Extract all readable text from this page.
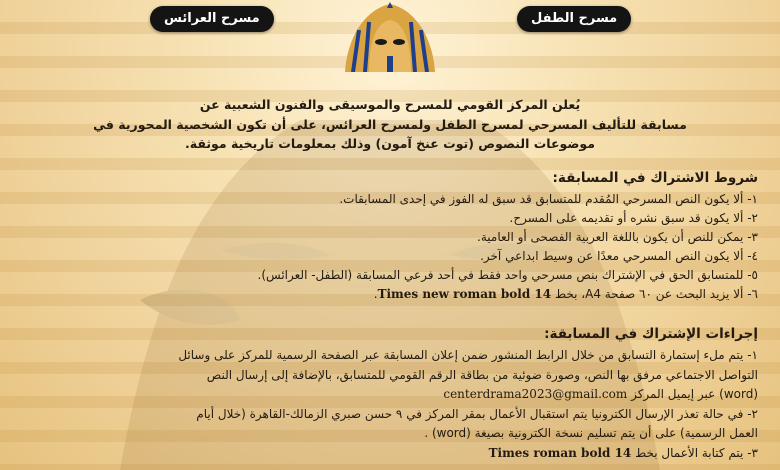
مسرح الطفل
مسرح العرائس
يُعلن المركز القومي للمسرح والموسيقى والفنون الشعبية عن
مسابقة للتأليف المسرحي لمسرح الطفل ولمسرح العرائس، على أن تكون الشخصية المحورية في
موضوعات النصوص (توت عنخ آمون) وذلك بمعلومات تاريخية موثقة.
شروط الاشتراك في المسابقة:
١- ألا يكون النص المسرحي المُقدم للمتسابق قد سبق له الفوز في إحدى المسابقات.
٢- ألا يكون قد سبق نشره أو تقديمه على المسرح.
٣- يمكن للنص أن يكون باللغة العربية الفصحى أو العامية.
٤- ألا يكون النص المسرحي معدًا عن وسيط ابداعي آخر.
٥- للمتسابق الحق في الإشتراك بنص مسرحي واحد فقط في أحد فرعي المسابقة (الطفل- العرائس).
٦- ألا يزيد البحث عن ٦٠ صفحة A4، بخط Times new roman bold 14.
إجراءات الإشتراك في المسابقة:
١- يتم ملء إستمارة التسابق من خلال الرابط المنشور ضمن إعلان المسابقة عبر الصفحة الرسمية للمركز على وسائل
التواصل الاجتماعي مرفق بها النص، وصورة ضوئية من بطاقة الرقم القومي للمتسابق، بالإضافة إلى إرسال النص
(word) عبر إيميل المركز centerdrama2023@gmail.com
٢- في حالة تعذر الإرسال الكترونيا يتم استقبال الأعمال بمقر المركز في ٩ حسن صبري الزمالك-القاهرة (خلال أيام
العمل الرسمية) على أن يتم تسليم نسخة الكترونية بصيغة (word) .
٣- يتم كتابة الأعمال بخط Times roman bold 14
